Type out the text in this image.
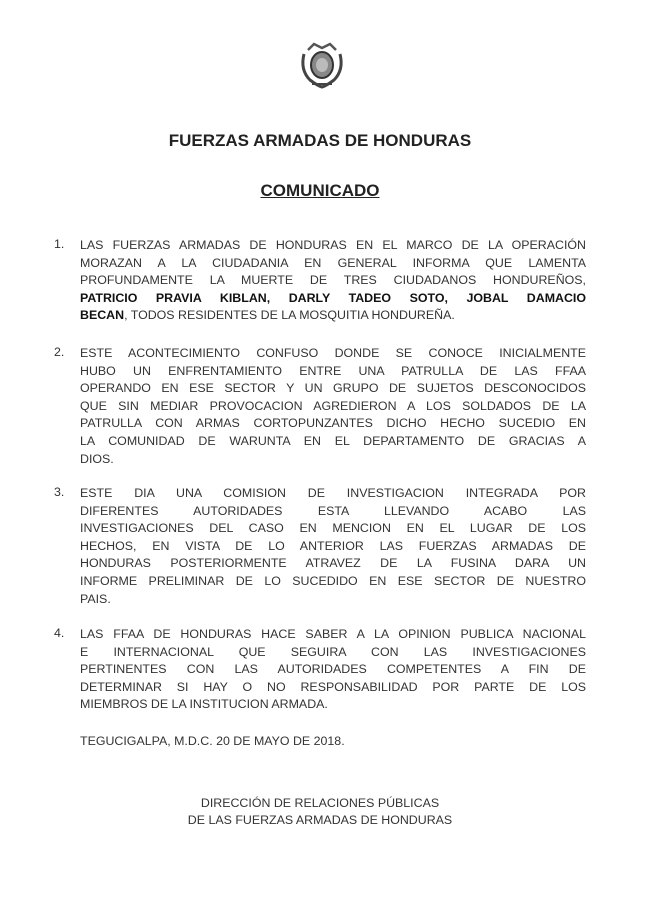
FUERZAS ARMADAS DE HONDURAS
COMUNICADO
1. LAS FUERZAS ARMADAS DE HONDURAS EN EL MARCO DE LA OPERACIÓN
MORAZAN A LA CIUDADANIA EN GENERAL INFORMA QUE LAMENTA
PROFUNDAMENTE LA MUERTE DE TRES CIUDADANOS HONDUREÑOS,
PATRICIO PRAVIA KIBLAN, DARLY TADEO SOTO, JOBAL DAMACIO
BECAN, TODOS RESIDENTES DE LA MOSQUITIA HONDUREÑA.
2. ESTE ACONTECIMIENTO CONFUSO DONDE SE CONOCE INICIALMENTE
HUBO UN ENFRENTAMIENTO ENTRE UNA PATRULLA DE LAS FFAA
OPERANDO EN ESE SECTOR Y UN GRUPO DE SUJETOS DESCONOCIDOS
QUE SIN MEDIAR PROVOCACION AGREDIERON A LOS SOLDADOS DE LA
PATRULLA CON ARMAS CORTOPUNZANTES DICHO HECHO SUCEDIO EN
LA COMUNIDAD DE WARUNTA EN EL DEPARTAMENTO DE GRACIAS A
DIOS.
3. ESTE DIA UNA COMISION DE INVESTIGACION INTEGRADA POR
DIFERENTES AUTORIDADES ESTA LLEVANDO ACABO LAS
INVESTIGACIONES DEL CASO EN MENCION EN EL LUGAR DE LOS
HECHOS, EN VISTA DE LO ANTERIOR LAS FUERZAS ARMADAS DE
HONDURAS POSTERIORMENTE ATRAVEZ DE LA FUSINA DARA UN
INFORME PRELIMINAR DE LO SUCEDIDO EN ESE SECTOR DE NUESTRO
PAIS.
4. LAS FFAA DE HONDURAS HACE SABER A LA OPINION PUBLICA NACIONAL
E INTERNACIONAL QUE SEGUIRA CON LAS INVESTIGACIONES
PERTINENTES CON LAS AUTORIDADES COMPETENTES A FIN DE
DETERMINAR SI HAY O NO RESPONSABILIDAD POR PARTE DE LOS
MIEMBROS DE LA INSTITUCION ARMADA.
TEGUCIGALPA, M.D.C. 20 DE MAYO DE 2018.
DIRECCIÓN DE RELACIONES PÚBLICAS
DE LAS FUERZAS ARMADAS DE HONDURAS
